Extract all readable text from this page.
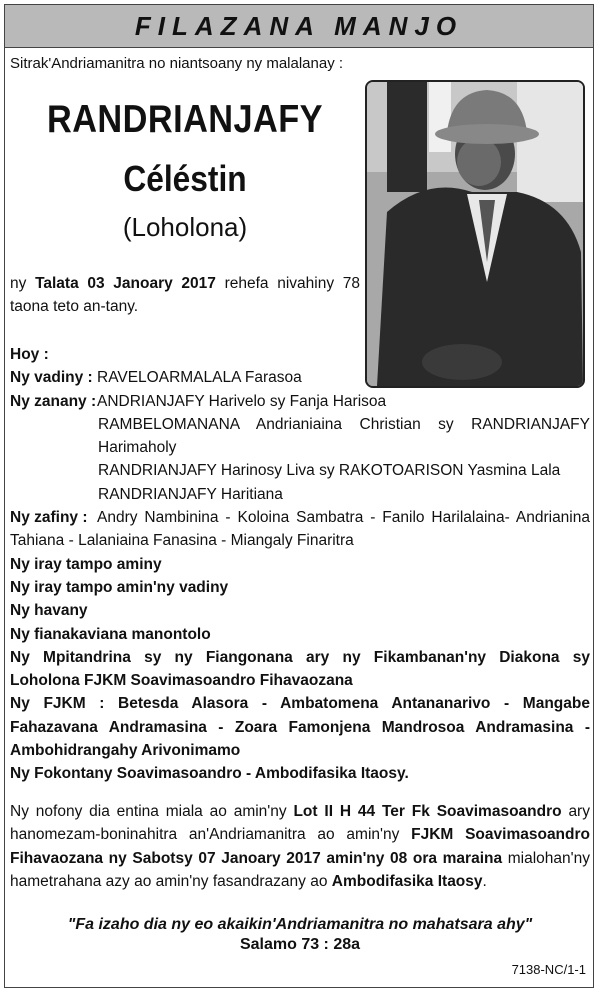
FILAZANA MANJO
Sitrak'Andriamanitra no niantsoany ny malalanay :
RANDRIANJAFY
Céléstin
(Loholona)
ny Talata 03 Janoary 2017 rehefa nivahiny 78
taona teto an-tany.
Hoy :
Ny vadiny : RAVELOARMALALA Farasoa
Ny zanany : ANDRIANJAFY Harivelo sy Fanja Harisoa
RAMBELOMANANA Andrianiaina Christian sy RANDRIANJAFY
Harimaholy
RANDRIANJAFY Harinosy Liva sy RAKOTOARISON Yasmina Lala
RANDRIANJAFY Haritiana
Ny zafiny : Andry Nambinina - Koloina Sambatra - Fanilo Harilalaina- Andrianina
Tahiana - Lalaniaina Fanasina - Miangaly Finaritra
Ny iray tampo aminy
Ny iray tampo amin'ny vadiny
Ny havany
Ny fianakaviana manontolo
Ny Mpitandrina sy ny Fiangonana ary ny Fikambanan'ny Diakona sy
Loholona FJKM Soavimasoandro Fihavaozana
Ny FJKM : Betesda Alasora - Ambatomena Antananarivo - Mangabe
Fahazavana Andramasina - Zoara Famonjena Mandrosoa Andramasina -
Ambohidrangahy Arivonimamo
Ny Fokontany Soavimasoandro - Ambodifasika Itaosy.
Ny nofony dia entina miala ao amin'ny Lot II H 44 Ter Fk Soavimasoandro ary hanomezam-boninahitra an'Andriamanitra ao amin'ny FJKM Soavimasoandro Fihavaozana ny Sabotsy 07 Janoary 2017 amin'ny 08 ora maraina mialohan'ny hametrahana azy ao amin'ny fasandrazany ao Ambodifasika Itaosy.
"Fa izaho dia ny eo akaikin'Andriamanitra no mahatsara ahy"
Salamo 73 : 28a
7138-NC/1-1
